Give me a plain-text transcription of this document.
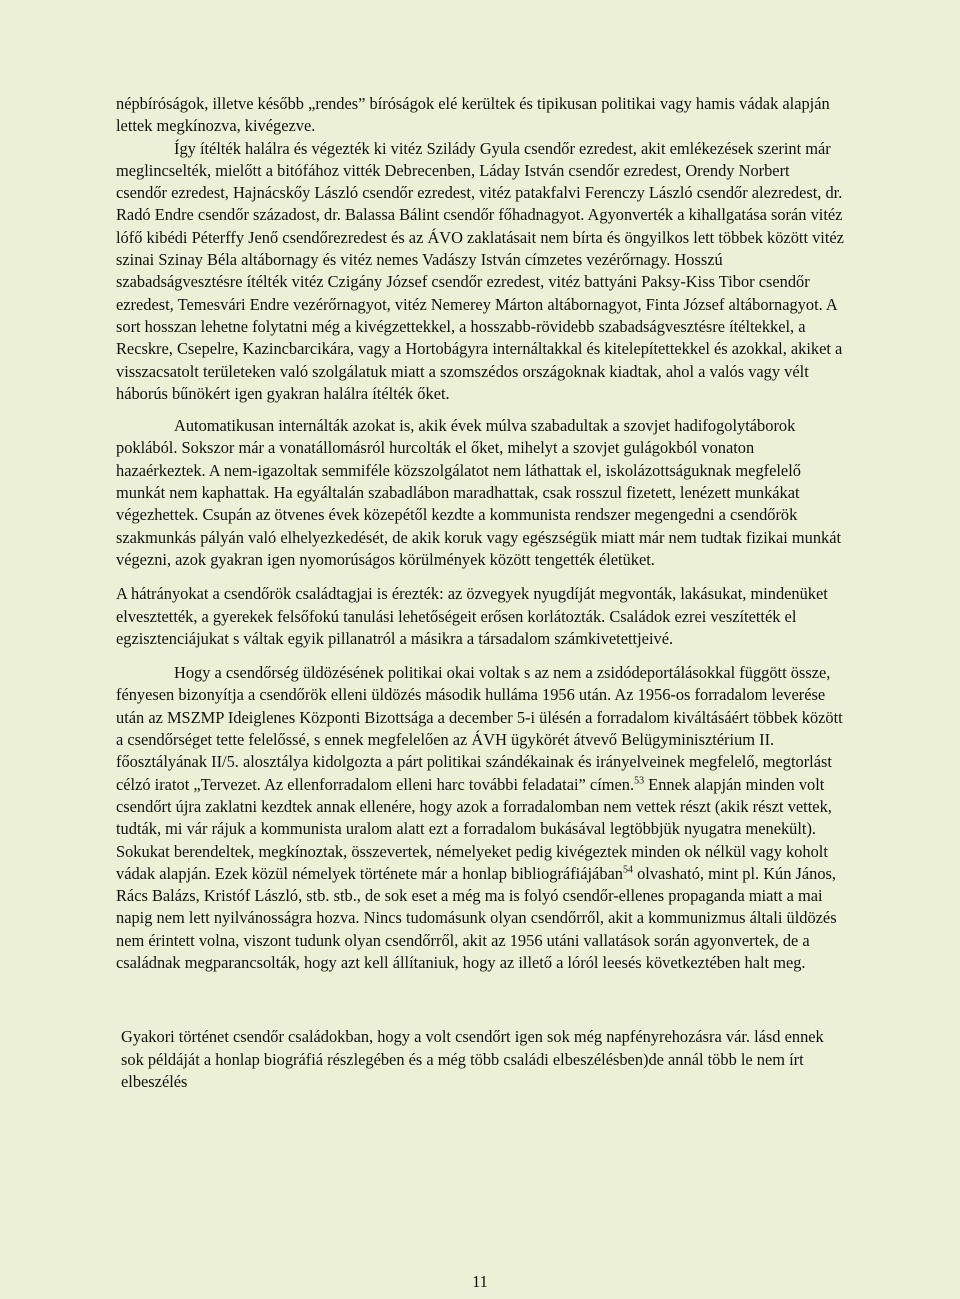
népbíróságok, illetve később „rendes” bíróságok elé kerültek és tipikusan politikai vagy hamis vádak alapján lettek megkínozva, kivégezve.

Így ítélték halálra és végezték ki vitéz Szilády Gyula csendőr ezredest, akit emlékezések szerint már meglincselték, mielőtt a bitófához vitték Debrecenben, Láday István csendőr ezredest, Orendy Norbert csendőr ezredest, Hajnácskőy László csendőr ezredest, vitéz patakfalvi Ferenczy László csendőr alezredest, dr. Radó Endre csendőr századost, dr. Balassa Bálint csendőr főhadnagyot. Agyonverték a kihallgatása során vitéz lófő kibédi Péterffy Jenő csendőrezredest és az ÁVO zaklatásait nem bírta és öngyilkos lett többek között vitéz szinai Szinay Béla altábornagy és vitéz nemes Vadászy István címzetes vezérőrnagy. Hosszú szabadságvesztésre ítélték vitéz Czigány József csendőr ezredest, vitéz battyáni Paksy-Kiss Tibor csendőr ezredest, Temesvári Endre vezérőrnagyot, vitéz Nemerey Márton altábornagyot, Finta József altábornagyot. A sort hosszan lehetne folytatni még a kivégzettekkel, a hosszabb-rövidebb szabadságvesztésre ítéltekkel, a Recskre, Csepelre, Kazincbarcikára, vagy a Hortobágyra internáltakkal és kitelepítettekkel és azokkal, akiket a visszacsatolt területeken való szolgálatuk miatt a szomszédos országoknak kiadtak, ahol a valós vagy vélt háborús bűnökért igen gyakran halálra ítélték őket.

Automatikusan internálták azokat is, akik évek múlva szabadultak a szovjet hadifogolytáborok poklából. Sokszor már a vonatállomásról hurcolták el őket, mihelyt a szovjet gulágokból vonaton hazaérkeztek. A nem-igazoltak semmiféle közszolgálatot nem láthattak el, iskolázottságuknak megfelelő munkát nem kaphattak. Ha egyáltalán szabadlábon maradhattak, csak rosszul fizetett, lenézett munkákat végezhettek. Csupán az ötvenes évek közepétől kezdte a kommunista rendszer megengedni a csendőrök szakmunkás pályán való elhelyezkedését, de akik koruk vagy egészségük miatt már nem tudtak fizikai munkát végezni, azok gyakran igen nyomorúságos körülmények között tengették életüket.

A hátrányokat a csendőrök családtagjai is érezték: az özvegyek nyugdíját megvonták, lakásukat, mindenüket elvesztették, a gyerekek felsőfokú tanulási lehetőségeit erősen korlátozták. Családok ezrei veszítették el egzisztenciájukat s váltak egyik pillanatról a másikra a társadalom számkivetettjeivé.

Hogy a csendőrség üldözésének politikai okai voltak s az nem a zsidódeportálásokkal függött össze, fényesen bizonyítja a csendőrök elleni üldözés második hulláma 1956 után. Az 1956-os forradalom leverése után az MSZMP Ideiglenes Központi Bizottsága a december 5-i ülésén a forradalom kiváltásáért többek között a csendőrséget tette felelőssé, s ennek megfelelően az ÁVH ügykörét átvevő Belügyminisztérium II. főosztályának II/5. alosztálya kidolgozta a párt politikai szándékainak és irányelveinek megfelelő, megtorlást célzó iratot „Tervezet. Az ellenforradalom elleni harc további feladatai” címen.$^{53}$ Ennek alapján minden volt csendőrt újra zaklatni kezdtek annak ellenére, hogy azok a forradalomban nem vettek részt (akik részt vettek, tudták, mi vár rájuk a kommunista uralom alatt ezt a forradalom bukásával legtöbbjük nyugatra menekült). Sokukat berendeltek, megkínoztak, összevertek, némelyeket pedig kivégeztek minden ok nélkül vagy koholt vádak alapján. Ezek közül némelyek története már a honlap bibliográfiájában$^{54}$ olvasható, mint pl. Kún János, Rács Balázs, Kristóf László, stb. stb., de sok eset a még ma is folyó csendőr-ellenes propaganda miatt a mai napig nem lett nyilvánosságra hozva. Nincs tudomásunk olyan csendőrről, akit a kommunizmus általi üldözés nem érintett volna, viszont tudunk olyan csendőrről, akit az 1956 utáni vallatások során agyonvertek, de a családnak megparancsolták, hogy azt kell állítaniuk, hogy az illető a lóról leesés következtében halt meg.

Gyakori történet csendőr családokban, hogy a volt csendőrt igen sok még napfényrehozásra vár. lásd ennek sok példáját a honlap biográfiá részlegében és a még több családi elbeszélésben)de annál több le nem írt elbeszélés

11
